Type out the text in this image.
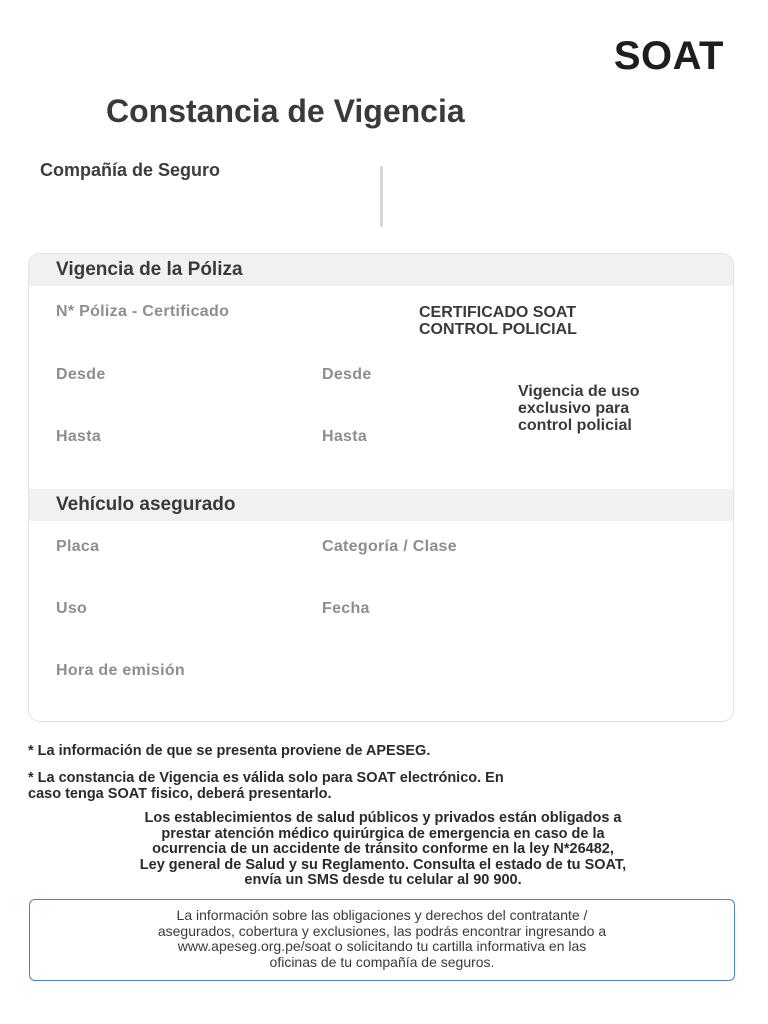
SOAT
Constancia de Vigencia
Compañía de Seguro
Vigencia de la Póliza
N* Póliza - Certificado	CERTIFICADO SOAT
CONTROL POLICIAL
Desde	Desde
Vigencia de uso
exclusivo para
control policial
Hasta	Hasta
Vehículo asegurado
Placa	Categoría / Clase
Uso	Fecha
Hora de emisión
* La información de que se presenta proviene de APESEG.
* La constancia de Vigencia es válida solo para SOAT electrónico. En
caso tenga SOAT fisico, deberá presentarlo.
Los establecimientos de salud públicos y privados están obligados a
prestar atención médico quirúrgica de emergencia en caso de la
ocurrencia de un accidente de tránsito conforme en la ley N*26482,
Ley general de Salud y su Reglamento. Consulta el estado de tu SOAT,
envía un SMS desde tu celular al 90 900.
La información sobre las obligaciones y derechos del contratante /
asegurados, cobertura y exclusiones, las podrás encontrar ingresando a
www.apeseg.org.pe/soat o solicitando tu cartilla informativa en las
oficinas de tu compañía de seguros.
